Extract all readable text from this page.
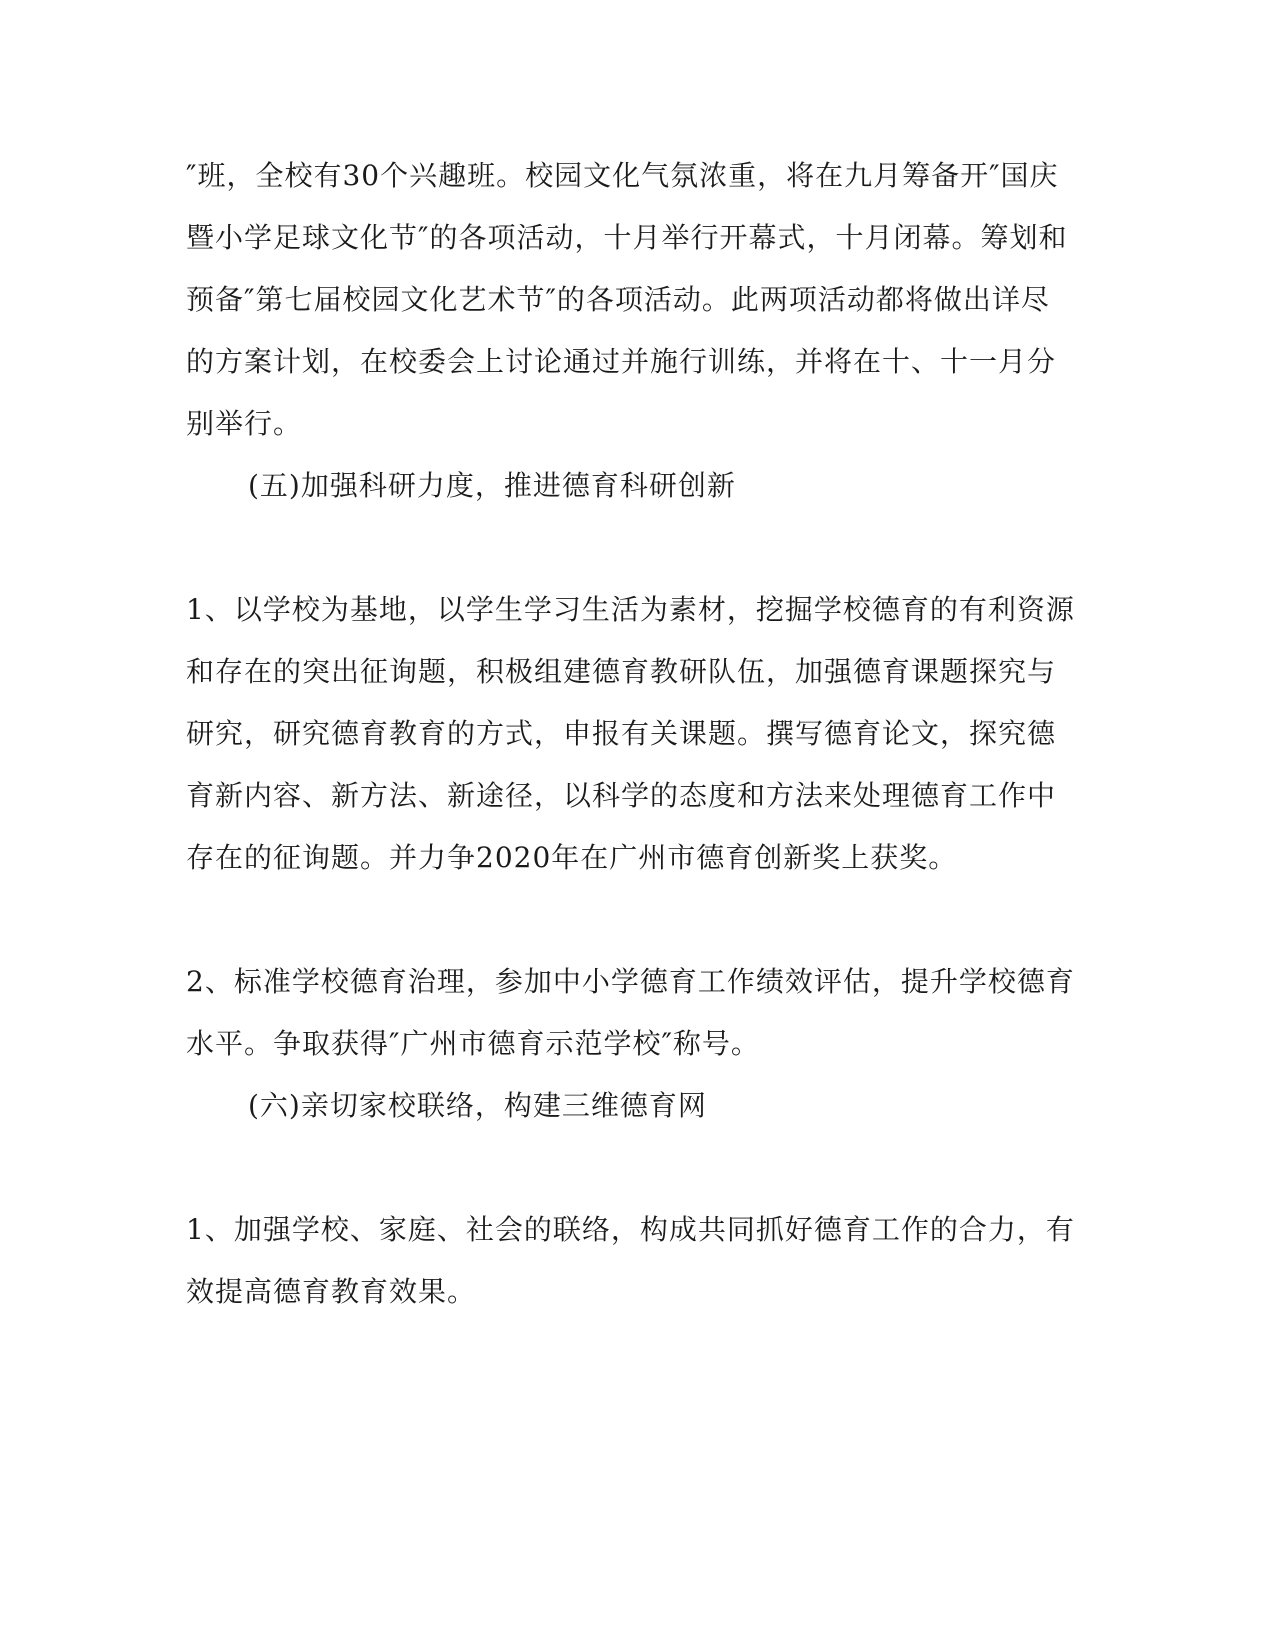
″班，全校有30个兴趣班。校园文化气氛浓重，将在九月筹备开″国庆
暨小学足球文化节″的各项活动，十月举行开幕式，十月闭幕。筹划和
预备″第七届校园文化艺术节″的各项活动。此两项活动都将做出详尽
的方案计划，在校委会上讨论通过并施行训练，并将在十、十一月分
别举行。
(五)加强科研力度，推进德育科研创新
1、以学校为基地，以学生学习生活为素材，挖掘学校德育的有利资源
和存在的突出征询题，积极组建德育教研队伍，加强德育课题探究与
研究，研究德育教育的方式，申报有关课题。撰写德育论文，探究德
育新内容、新方法、新途径，以科学的态度和方法来处理德育工作中
存在的征询题。并力争2020年在广州市德育创新奖上获奖。
2、标准学校德育治理，参加中小学德育工作绩效评估，提升学校德育
水平。争取获得″广州市德育示范学校″称号。
(六)亲切家校联络，构建三维德育网
1、加强学校、家庭、社会的联络，构成共同抓好德育工作的合力，有
效提高德育教育效果。
